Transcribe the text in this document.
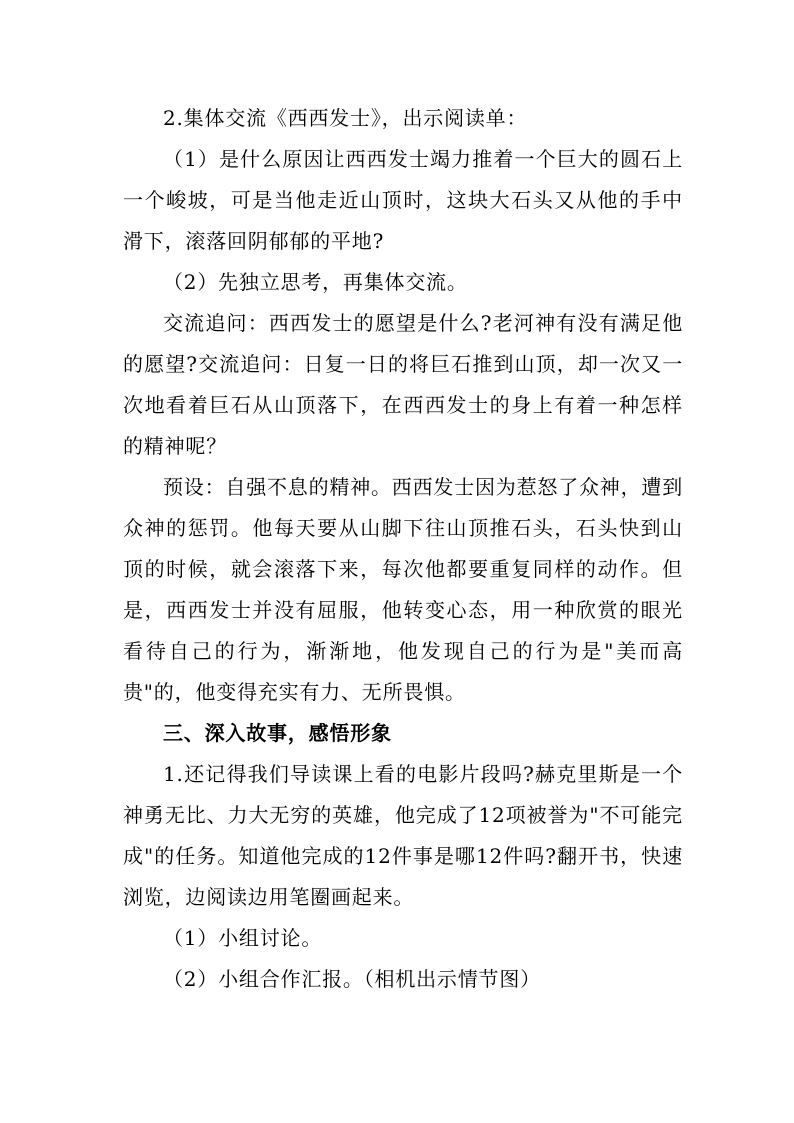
2.集体交流《西西发士》，出示阅读单：

（1）是什么原因让西西发士竭力推着一个巨大的圆石上一个峻坡，可是当他走近山顶时，这块大石头又从他的手中滑下，滚落回阴郁郁的平地?

（2）先独立思考，再集体交流。

交流追问：西西发士的愿望是什么?老河神有没有满足他的愿望?交流追问：日复一日的将巨石推到山顶，却一次又一次地看着巨石从山顶落下，在西西发士的身上有着一种怎样的精神呢？

预设：自强不息的精神。西西发士因为惹怒了众神，遭到众神的惩罚。他每天要从山脚下往山顶推石头，石头快到山顶的时候，就会滚落下来，每次他都要重复同样的动作。但是，西西发士并没有屈服，他转变心态，用一种欣赏的眼光看待自己的行为，渐渐地，他发现自己的行为是"美而高贵"的，他变得充实有力、无所畏惧。

三、深入故事，感悟形象

1.还记得我们导读课上看的电影片段吗?赫克里斯是一个神勇无比、力大无穷的英雄，他完成了12项被誉为"不可能完成"的任务。知道他完成的12件事是哪12件吗?翻开书，快速浏览，边阅读边用笔圈画起来。

（1）小组讨论。

（2）小组合作汇报。（相机出示情节图）
